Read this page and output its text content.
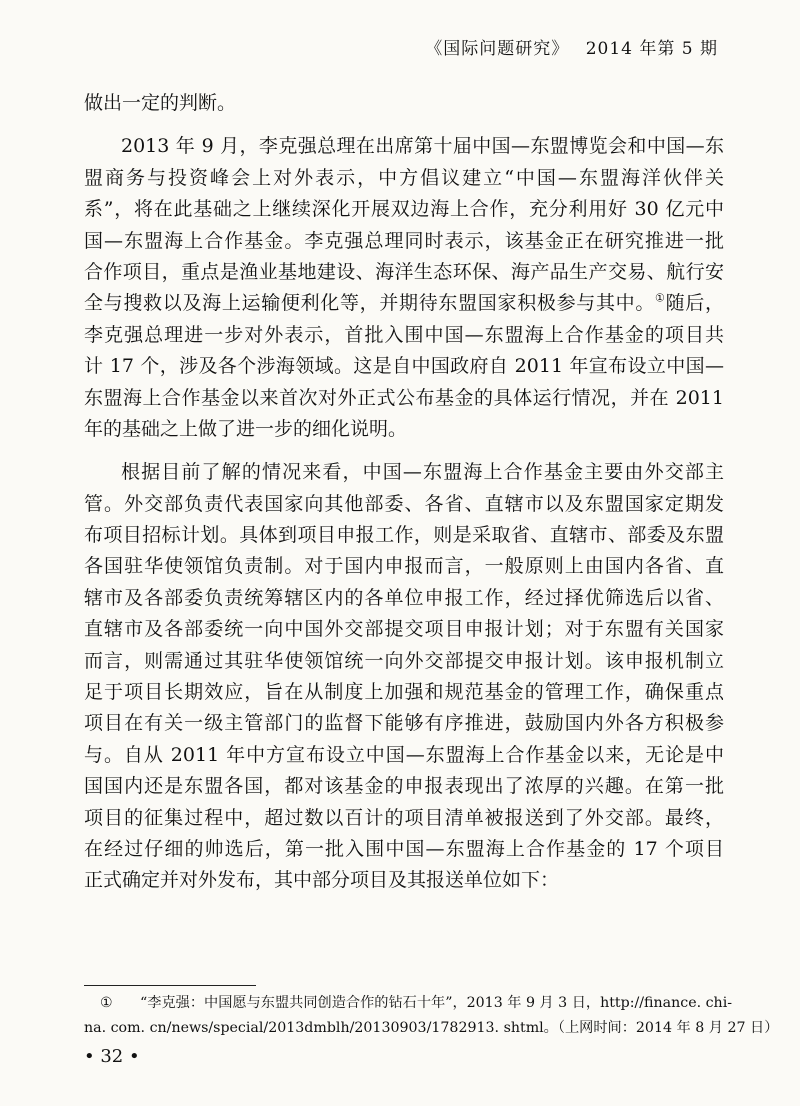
《国际问题研究》 2014 年第 5 期
做出一定的判断。
2013 年 9 月，李克强总理在出席第十届中国—东盟博览会和中国—东
盟商务与投资峰会上对外表示，中方倡议建立“中国—东盟海洋伙伴关
系”，将在此基础之上继续深化开展双边海上合作，充分利用好 30 亿元中
国—东盟海上合作基金。李克强总理同时表示，该基金正在研究推进一批
合作项目，重点是渔业基地建设、海洋生态环保、海产品生产交易、航行安
全与搜救以及海上运输便利化等，并期待东盟国家积极参与其中。①随后，
李克强总理进一步对外表示，首批入围中国—东盟海上合作基金的项目共
计 17 个，涉及各个涉海领域。这是自中国政府自 2011 年宣布设立中国—
东盟海上合作基金以来首次对外正式公布基金的具体运行情况，并在 2011
年的基础之上做了进一步的细化说明。
根据目前了解的情况来看，中国—东盟海上合作基金主要由外交部主
管。外交部负责代表国家向其他部委、各省、直辖市以及东盟国家定期发
布项目招标计划。具体到项目申报工作，则是采取省、直辖市、部委及东盟
各国驻华使领馆负责制。对于国内申报而言，一般原则上由国内各省、直
辖市及各部委负责统筹辖区内的各单位申报工作，经过择优筛选后以省、
直辖市及各部委统一向中国外交部提交项目申报计划；对于东盟有关国家
而言，则需通过其驻华使领馆统一向外交部提交申报计划。该申报机制立
足于项目长期效应，旨在从制度上加强和规范基金的管理工作，确保重点
项目在有关一级主管部门的监督下能够有序推进，鼓励国内外各方积极参
与。自从 2011 年中方宣布设立中国—东盟海上合作基金以来，无论是中
国国内还是东盟各国，都对该基金的申报表现出了浓厚的兴趣。在第一批
项目的征集过程中，超过数以百计的项目清单被报送到了外交部。最终，
在经过仔细的帅选后，第一批入围中国—东盟海上合作基金的 17 个项目
正式确定并对外发布，其中部分项目及其报送单位如下：
① “李克强：中国愿与东盟共同创造合作的钻石十年”，2013 年 9 月 3 日，http://finance. chi-
na. com. cn/news/special/2013dmblh/20130903/1782913. shtml。（上网时间：2014 年 8 月 27 日）
• 32 •
